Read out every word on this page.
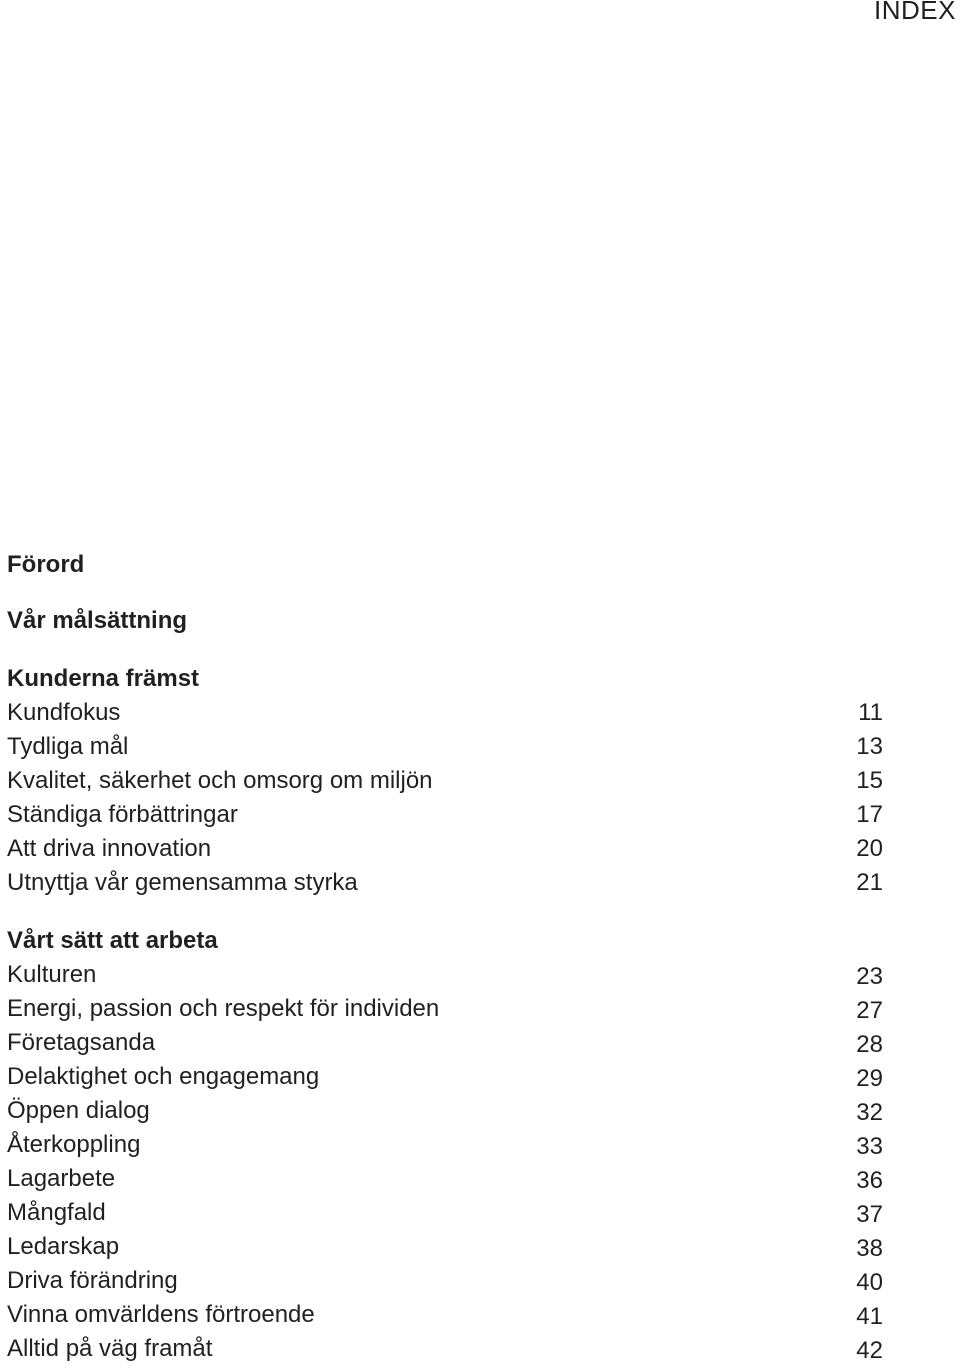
INDEX
Förord
Vår målsättning
Kunderna främst
Kundfokus	11
Tydliga mål	13
Kvalitet, säkerhet och omsorg om miljön	15
Ständiga förbättringar	17
Att driva innovation	20
Utnyttja vår gemensamma styrka	21
Vårt sätt att arbeta
Kulturen	23
Energi, passion och respekt för individen	27
Företagsanda	28
Delaktighet och engagemang	29
Öppen dialog	32
Återkoppling	33
Lagarbete	36
Mångfald	37
Ledarskap	38
Driva förändring	40
Vinna omvärldens förtroende	41
Alltid på väg framåt	42
